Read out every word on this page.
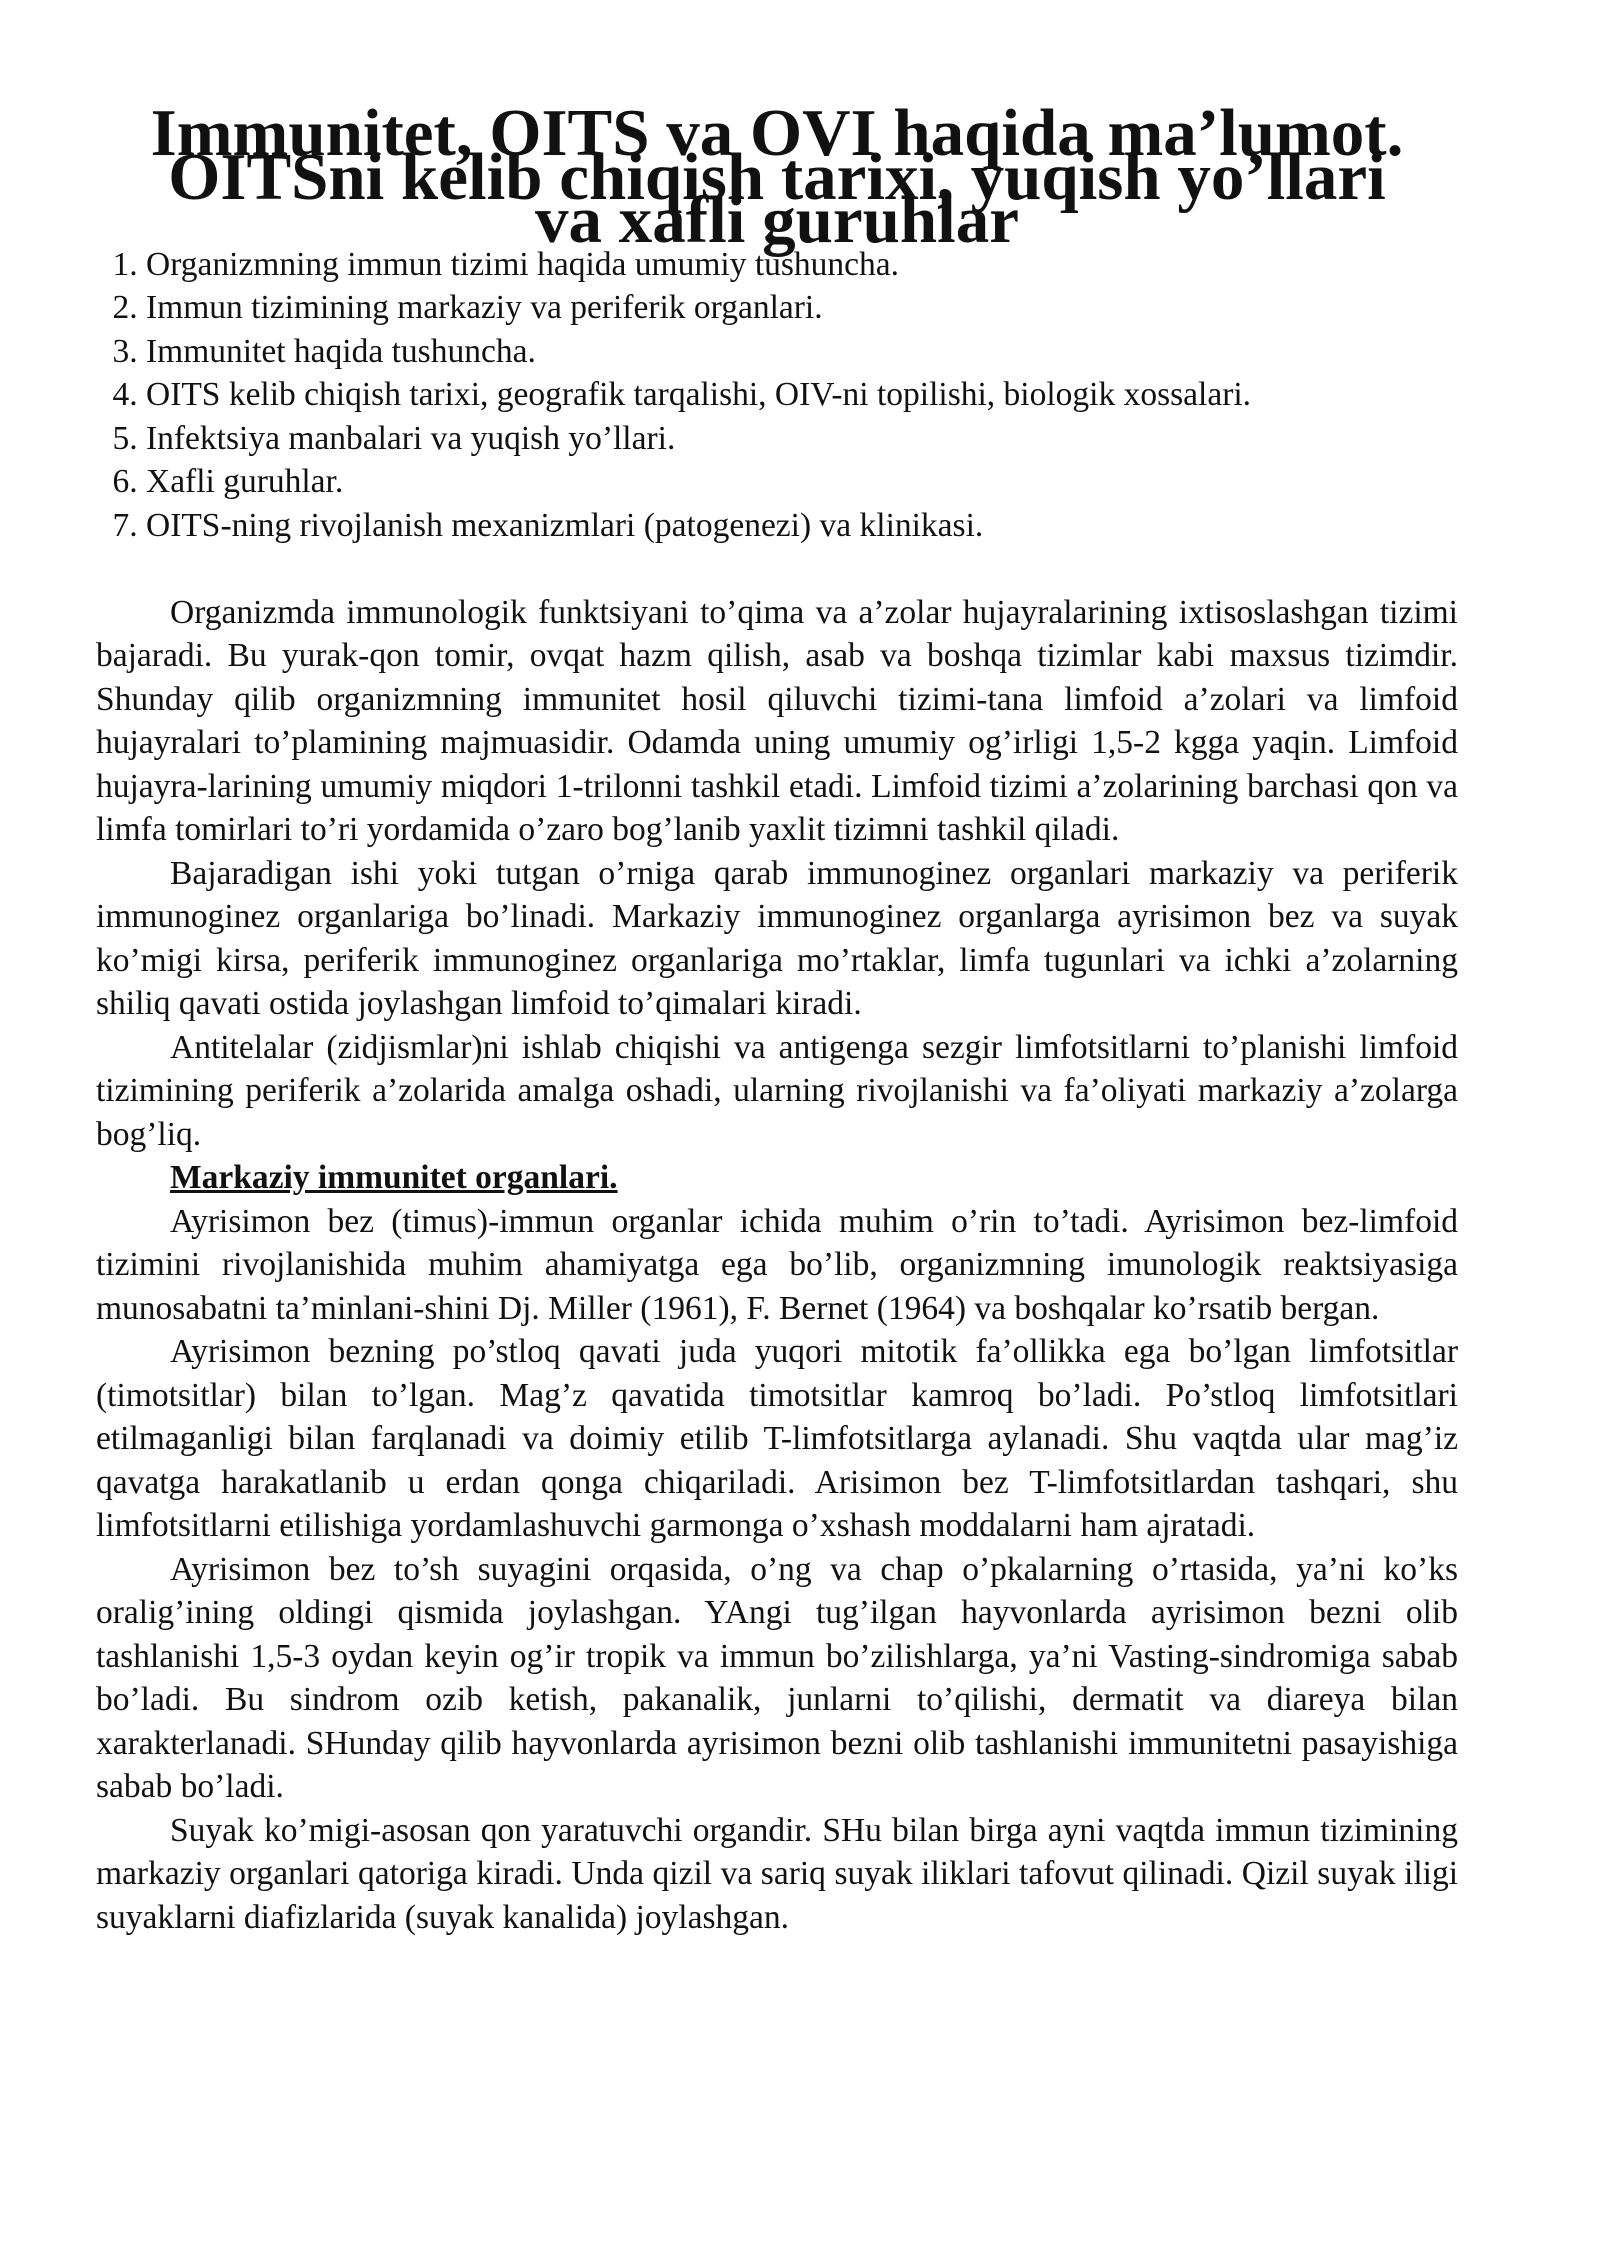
Immunitet, OITS va OVI haqida ma’lumot. OITSni kelib chiqish tarixi, yuqish yo’llari va xafli guruhlar
1. Organizmning immun tizimi haqida umumiy tushuncha.
2. Immun tizimining markaziy va periferik organlari.
3. Immunitet haqida tushuncha.
4. OITS kelib chiqish tarixi, geografik tarqalishi, OIV-ni topilishi, biologik xossalari.
5. Infektsiya manbalari va yuqish yo’llari.
6. Xafli guruhlar.
7. OITS-ning rivojlanish mexanizmlari (patogenezi) va klinikasi.

Organizmda immunologik funktsiyani to’qima va a’zolar hujayralarining ixtisoslashgan tizimi bajaradi. Bu yurak-qon tomir, ovqat hazm qilish, asab va boshqa tizimlar kabi maxsus tizimdir. Shunday qilib organizmning immunitet hosil qiluvchi tizimi-tana limfoid a’zolari va limfoid hujayralari to’plamining majmuasidir. Odamda uning umumiy og’irligi 1,5-2 kgga yaqin. Limfoid hujayra-larining umumiy miqdori 1-trilonni tashkil etadi. Limfoid tizimi a’zolarining barchasi qon va limfa tomirlari to’ri yordamida o’zaro bog’lanib yaxlit tizimni tashkil qiladi.

Bajaradigan ishi yoki tutgan o’rniga qarab immunoginez organlari markaziy va periferik immunoginez organlariga bo’linadi. Markaziy immunoginez organlarga ayrisimon bez va suyak ko’migi kirsa, periferik immunoginez organlariga mo’rtaklar, limfa tugunlari va ichki a’zolarning shiliq qavati ostida joylashgan limfoid to’qimalari kiradi.

Antitelalar (zidjismlar)ni ishlab chiqishi va antigenga sezgir limfotsitlarni to’planishi limfoid tizimining periferik a’zolarida amalga oshadi, ularning rivojlanishi va fa’oliyati markaziy a’zolarga bog’liq.

Markaziy immunitet organlari.

Ayrisimon bez (timus)-immun organlar ichida muhim o’rin to’tadi. Ayrisimon bez-limfoid tizimini rivojlanishida muhim ahamiyatga ega bo’lib, organizmning imunologik reaktsiyasiga munosabatni ta’minlani-shini Dj. Miller (1961), F. Bernet (1964) va boshqalar ko’rsatib bergan.

Ayrisimon bezning po’stloq qavati juda yuqori mitotik fa’ollikka ega bo’lgan limfotsitlar (timotsitlar) bilan to’lgan. Mag’z qavatida timotsitlar kamroq bo’ladi. Po’stloq limfotsitlari etilmaganligi bilan farqlanadi va doimiy etilib T-limfotsitlarga aylanadi. Shu vaqtda ular mag’iz qavatga harakatlanib u erdan qonga chiqariladi. Arisimon bez T-limfotsitlardan tashqari, shu limfotsitlarni etilishiga yordamlashuvchi garmonga o’xshash moddalarni ham ajratadi.

Ayrisimon bez to’sh suyagini orqasida, o’ng va chap o’pkalarning o’rtasida, ya’ni ko’ks oralig’ining oldingi qismida joylashgan. YAngi tug’ilgan hayvonlarda ayrisimon bezni olib tashlanishi 1,5-3 oydan keyin og’ir tropik va immun bo’zilishlarga, ya’ni Vasting-sindromiga sabab bo’ladi. Bu sindrom ozib ketish, pakanalik, junlarni to’qilishi, dermatit va diareya bilan xarakterlanadi. SHunday qilib hayvonlarda ayrisimon bezni olib tashlanishi immunitetni pasayishiga sabab bo’ladi.

Suyak ko’migi-asosan qon yaratuvchi organdir. SHu bilan birga ayni vaqtda immun tizimining markaziy organlari qatoriga kiradi. Unda qizil va sariq suyak iliklari tafovut qilinadi. Qizil suyak iligi suyaklarni diafizlarida (suyak kanalida) joylashgan.
